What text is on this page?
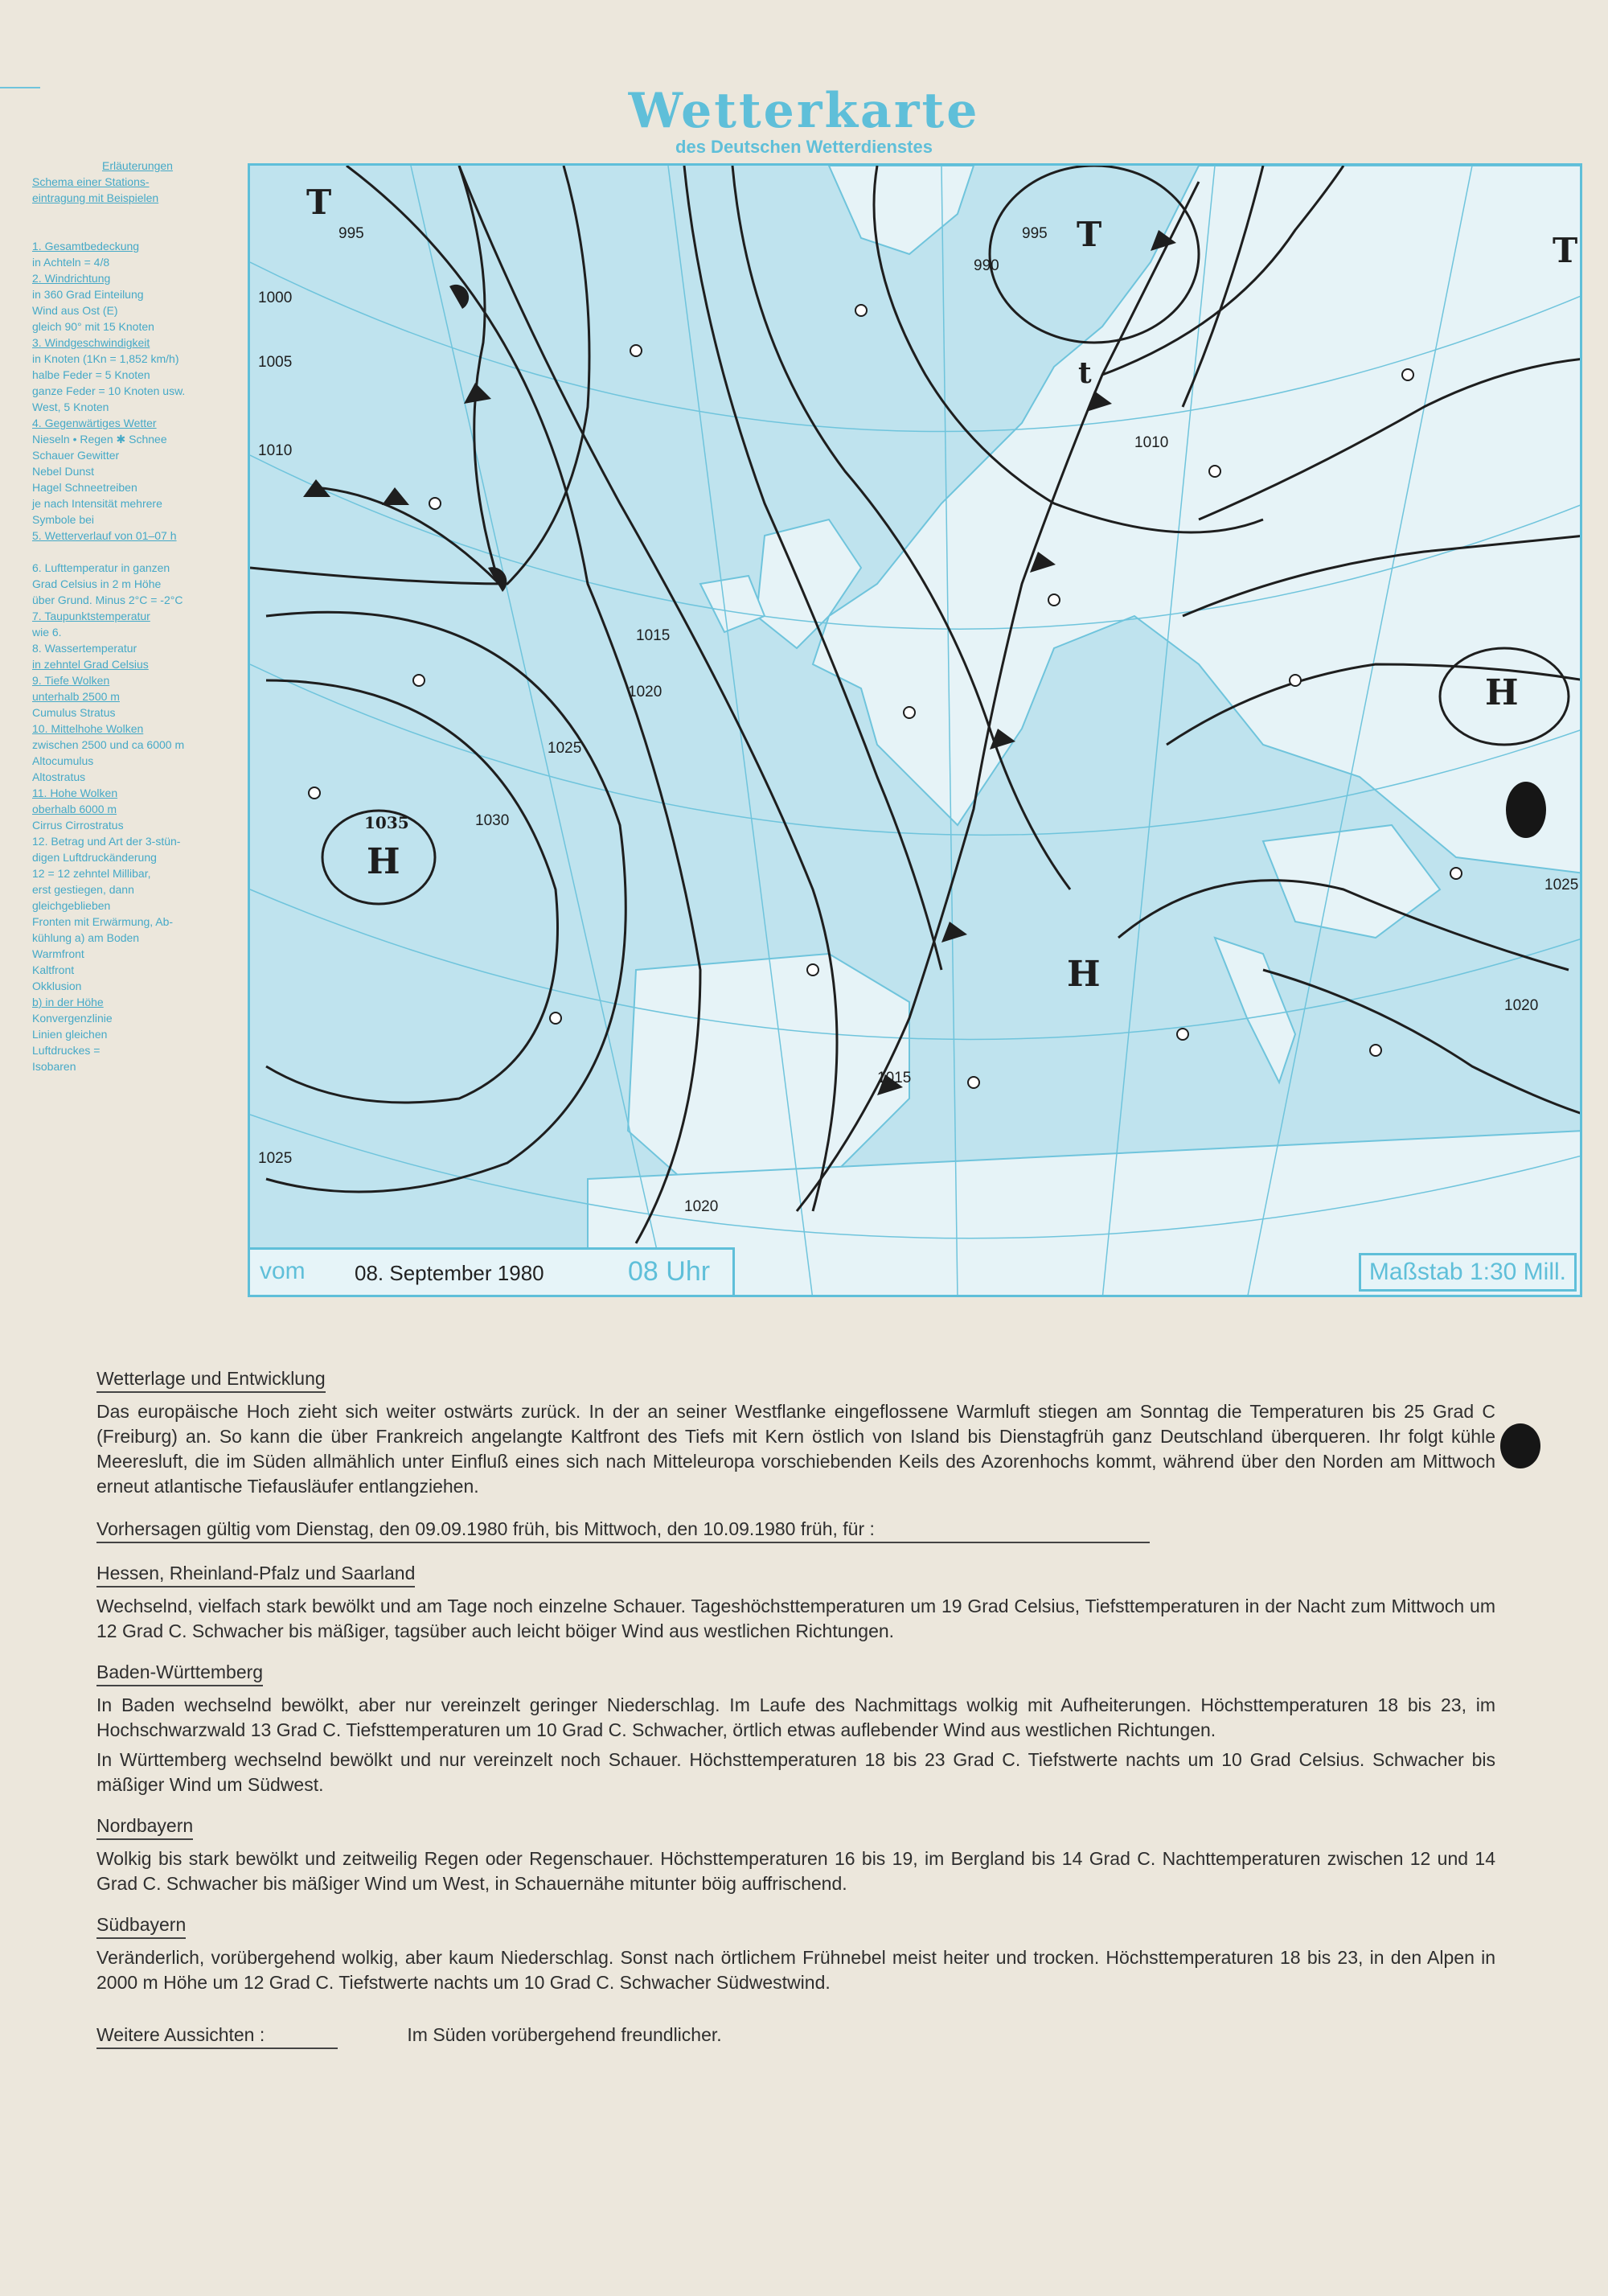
Wetterkarte
des Deutschen Wetterdienstes
Erläuterungen
Schema einer Stations-
eintragung mit Beispielen

1. Gesamtbedeckung
in Achteln = 4/8
2. Windrichtung
in 360 Grad Einteilung
Wind aus Ost (E)
gleich 90° mit 15 Knoten
3. Windgeschwindigkeit
in Knoten (1Kn = 1,852 km/h)
halbe Feder = 5 Knoten
ganze Feder = 10 Knoten usw.
West, 5 Knoten
4. Gegenwärtiges Wetter
Nieseln • Regen ✱ Schnee
Schauer Gewitter
Nebel Dunst
Hagel Schneetreiben
je nach Intensität mehrere
Symbole bei
5. Wetterverlauf von 01–07 h

6. Lufttemperatur in ganzen
Grad Celsius in 2 m Höhe
über Grund. Minus 2°C = -2°C
7. Taupunktstemperatur
wie 6.
8. Wassertemperatur
in zehntel Grad Celsius
9. Tiefe Wolken
unterhalb 2500 m
Cumulus Stratus
10. Mittelhohe Wolken
zwischen 2500 und ca 6000 m
Altocumulus
Altostratus
11. Hohe Wolken
oberhalb 6000 m
Cirrus Cirrostratus
12. Betrag und Art der 3-stün-
digen Luftdruckänderung
12 = 12 zehntel Millibar,
erst gestiegen, dann
gleichgeblieben
Fronten mit Erwärmung, Ab-
kühlung a) am Boden
Warmfront
Kaltfront
Okklusion
b) in der Höhe
Konvergenzlinie
Linien gleichen
Luftdruckes =
Isobaren
H
1035
H
H
T
T	T
t
995
1000
1005
1010
1015
1020
1025
1030
1025
990
995
1020
1025
1010
1020
1015
vom 08. September 1980	08 Uhr	Maßstab 1:30 Mill.
Wetterlage und Entwicklung

Das europäische Hoch zieht sich weiter ostwärts zurück. In der an seiner Westflanke eingeflossene Warmluft stiegen am Sonntag die Temperaturen bis 25 Grad C (Freiburg) an. So kann die über Frankreich angelangte Kaltfront des Tiefs mit Kern östlich von Island bis Dienstagfrüh ganz Deutschland überqueren. Ihr folgt kühle Meeresluft, die im Süden allmählich unter Einfluß eines sich nach Mitteleuropa vorschiebenden Keils des Azorenhochs kommt, während über den Norden am Mittwoch erneut atlantische Tiefausläufer entlangziehen.

Vorhersagen gültig vom Dienstag, den 09.09.1980 früh, bis Mittwoch, den 10.09.1980 früh, für :
Hessen, Rheinland-Pfalz und Saarland

Wechselnd, vielfach stark bewölkt und am Tage noch einzelne Schauer. Tageshöchsttemperaturen um 19 Grad Celsius, Tiefsttemperaturen in der Nacht zum Mittwoch um 12 Grad C. Schwacher bis mäßiger, tagsüber auch leicht böiger Wind aus westlichen Richtungen.

Baden-Württemberg

In Baden wechselnd bewölkt, aber nur vereinzelt geringer Niederschlag. Im Laufe des Nachmittags wolkig mit Aufheiterungen. Höchsttemperaturen 18 bis 23, im Hochschwarzwald 13 Grad C. Tiefsttemperaturen um 10 Grad C. Schwacher, örtlich etwas auflebender Wind aus westlichen Richtungen.

In Württemberg wechselnd bewölkt und nur vereinzelt noch Schauer. Höchsttemperaturen 18 bis 23 Grad C. Tiefstwerte nachts um 10 Grad Celsius. Schwacher bis mäßiger Wind um Südwest.

Nordbayern

Wolkig bis stark bewölkt und zeitweilig Regen oder Regenschauer. Höchsttemperaturen 16 bis 19, im Bergland bis 14 Grad C. Nachttemperaturen zwischen 12 und 14 Grad C. Schwacher bis mäßiger Wind um West, in Schauernähe mitunter böig auffrischend.

Südbayern

Veränderlich, vorübergehend wolkig, aber kaum Niederschlag. Sonst nach örtlichem Frühnebel meist heiter und trocken. Höchsttemperaturen 18 bis 23, in den Alpen in 2000 m Höhe um 12 Grad C. Tiefstwerte nachts um 10 Grad C. Schwacher Südwestwind.

Weitere Aussichten :	Im Süden vorübergehend freundlicher.
